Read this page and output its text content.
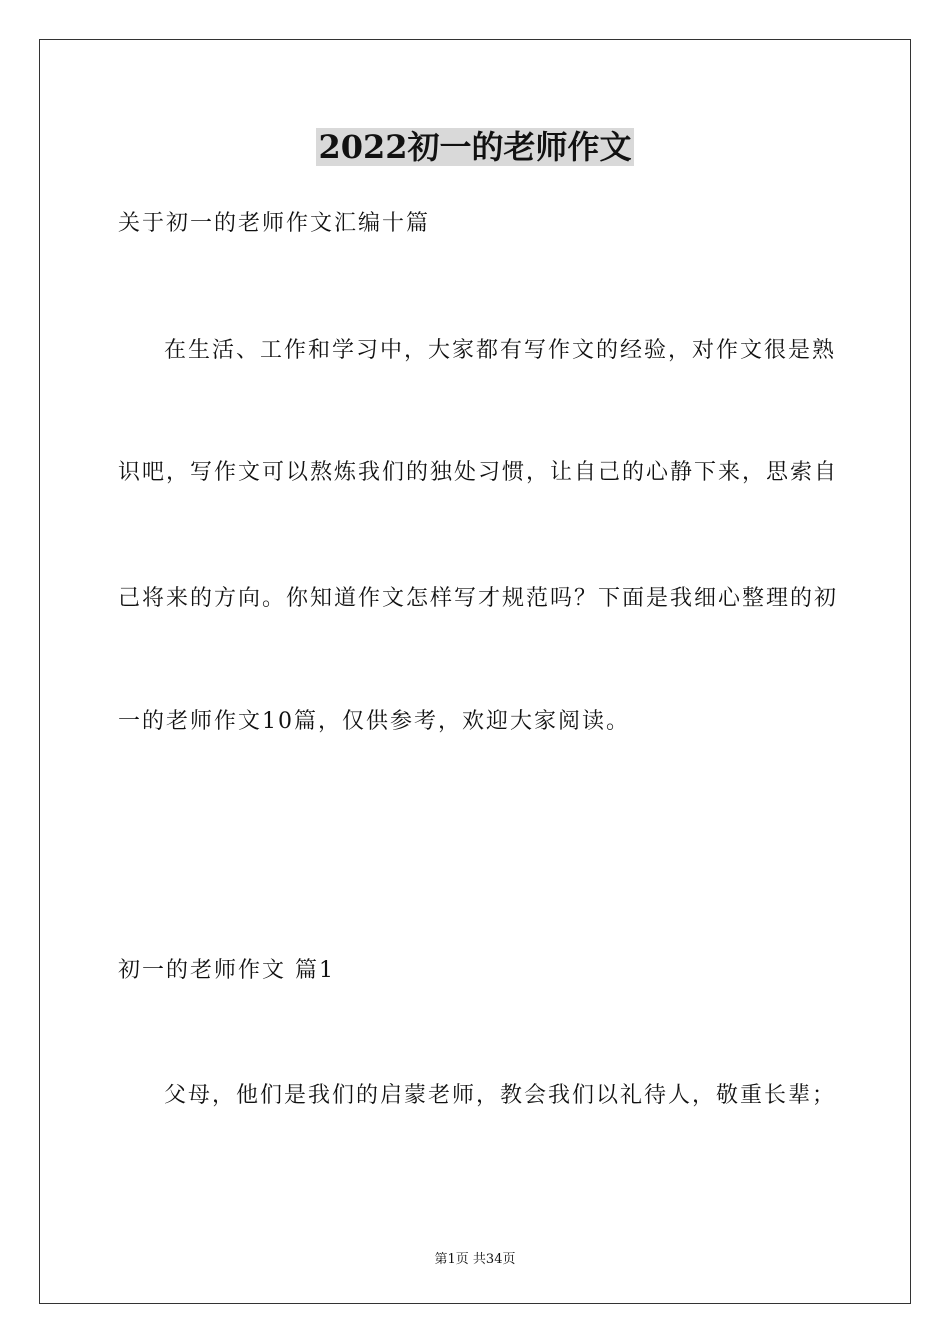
2022初一的老师作文
关于初一的老师作文汇编十篇
在生活、工作和学习中，大家都有写作文的经验，对作文很是熟
识吧，写作文可以熬炼我们的独处习惯，让自己的心静下来，思索自
己将来的方向。你知道作文怎样写才规范吗？下面是我细心整理的初
一的老师作文10篇，仅供参考，欢迎大家阅读。
初一的老师作文 篇1
父母，他们是我们的启蒙老师，教会我们以礼待人，敬重长辈；
第1页 共34页
